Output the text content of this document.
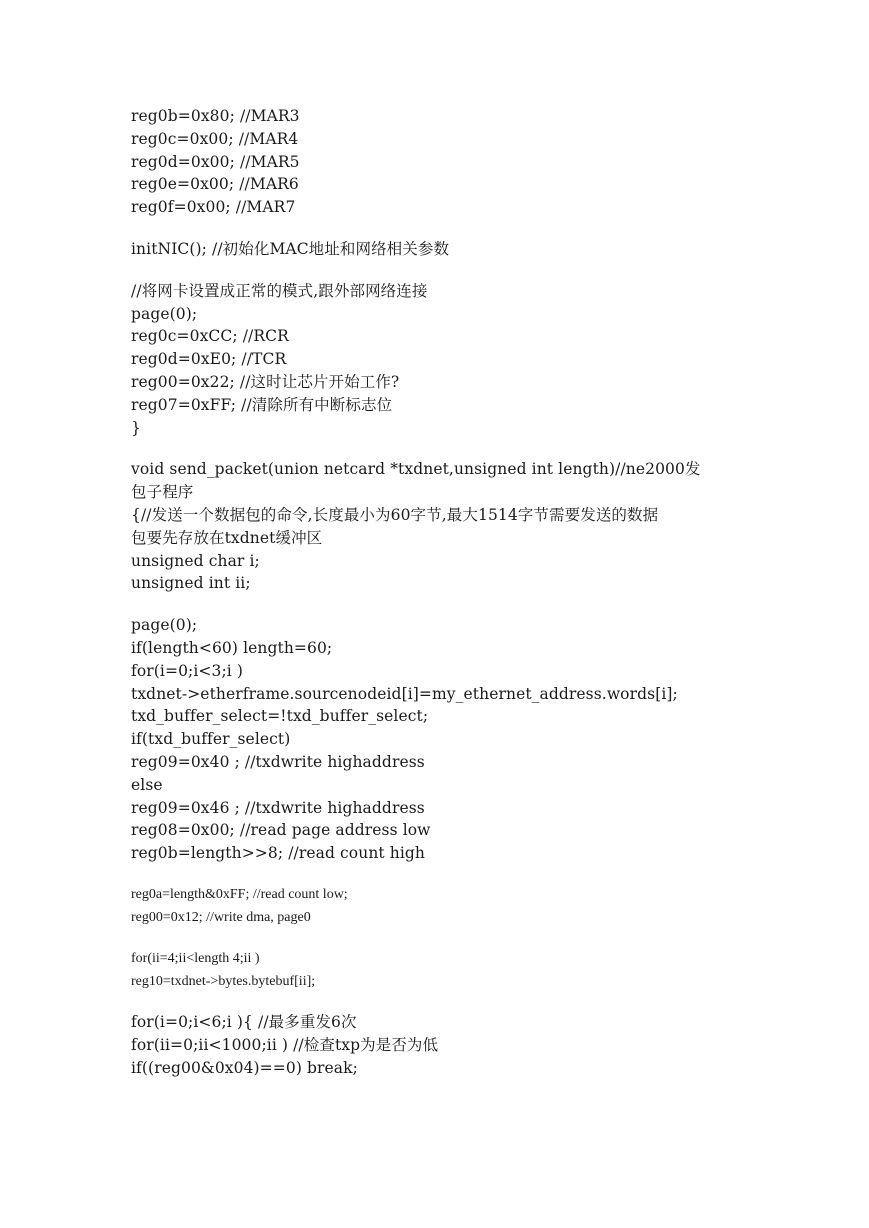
reg0b=0x80; //MAR3
reg0c=0x00; //MAR4
reg0d=0x00; //MAR5
reg0e=0x00; //MAR6
reg0f=0x00; //MAR7
initNIC(); //初始化MAC地址和网络相关参数
//将网卡设置成正常的模式,跟外部网络连接
page(0);
reg0c=0xCC; //RCR
reg0d=0xE0; //TCR
reg00=0x22; //这时让芯片开始工作?
reg07=0xFF; //清除所有中断标志位
}
void send_packet(union netcard *txdnet,unsigned int length)//ne2000发
包子程序
{//发送一个数据包的命令,长度最小为60字节,最大1514字节需要发送的数据
包要先存放在txdnet缓冲区
unsigned char i;
unsigned int ii;
page(0);
if(length<60) length=60;
for(i=0;i<3;i )
txdnet->etherframe.sourcenodeid[i]=my_ethernet_address.words[i];
txd_buffer_select=!txd_buffer_select;
if(txd_buffer_select)
reg09=0x40 ; //txdwrite highaddress
else
reg09=0x46 ; //txdwrite highaddress
reg08=0x00; //read page address low
reg0b=length>>8; //read count high
reg0a=length&0xFF; //read count low;
reg00=0x12; //write dma, page0
for(ii=4;ii<length 4;ii )
reg10=txdnet->bytes.bytebuf[ii];
for(i=0;i<6;i ){ //最多重发6次
for(ii=0;ii<1000;ii ) //检查txp为是否为低
if((reg00&0x04)==0) break;
